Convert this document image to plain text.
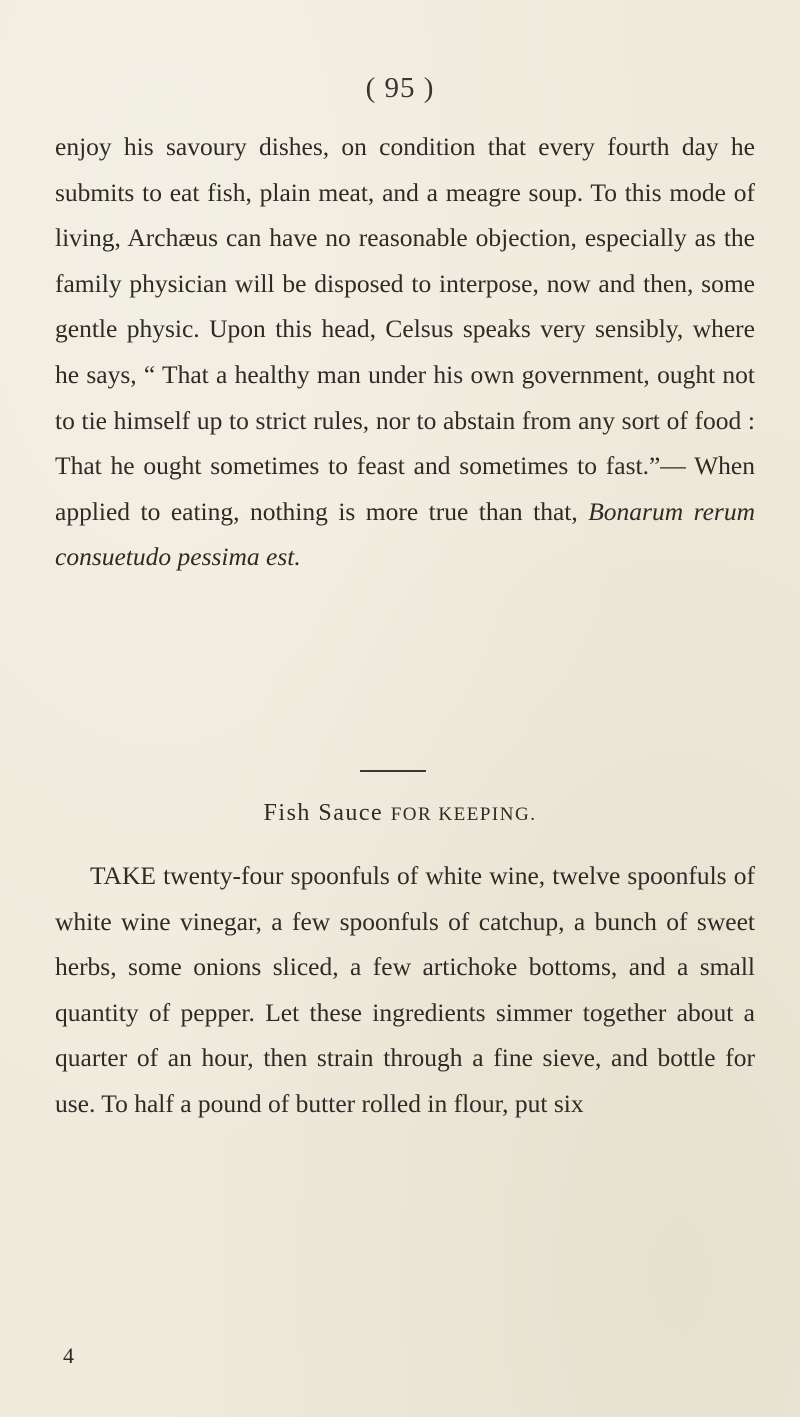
( 95 )
enjoy his savoury dishes, on condition that every fourth day he submits to eat fish, plain meat, and a meagre soup. To this mode of living, Archæus can have no reasonable objection, especially as the family physician will be disposed to interpose, now and then, some gentle physic. Upon this head, Celsus speaks very sensibly, where he says, “ That a healthy man under his own government, ought not to tie himself up to strict rules, nor to abstain from any sort of food : That he ought sometimes to feast and sometimes to fast.”— When applied to eating, nothing is more true than that, Bonarum rerum consuetudo pessima est.
Fish Sauce FOR KEEPING.
TAKE twenty-four spoonfuls of white wine, twelve spoonfuls of white wine vinegar, a few spoonfuls of catchup, a bunch of sweet herbs, some onions sliced, a few artichoke bottoms, and a small quantity of pepper. Let these ingredients simmer together about a quarter of an hour, then strain through a fine sieve, and bottle for use. To half a pound of butter rolled in flour, put six
4
